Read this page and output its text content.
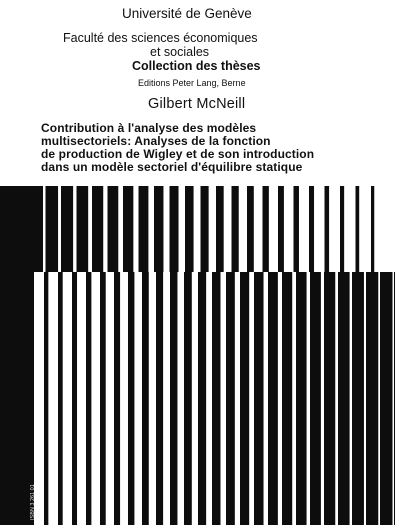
Université de Genève
Faculté des sciences économiques
et sociales
Collection des thèses
Editions Peter Lang, Berne
Gilbert McNeill
Contribution à l'analyse des modèles
multisectoriels: Analyses de la fonction
de production de Wigley et de son introduction
dans un modèle sectoriel d'équilibre statique
ISBN 3 261 01
